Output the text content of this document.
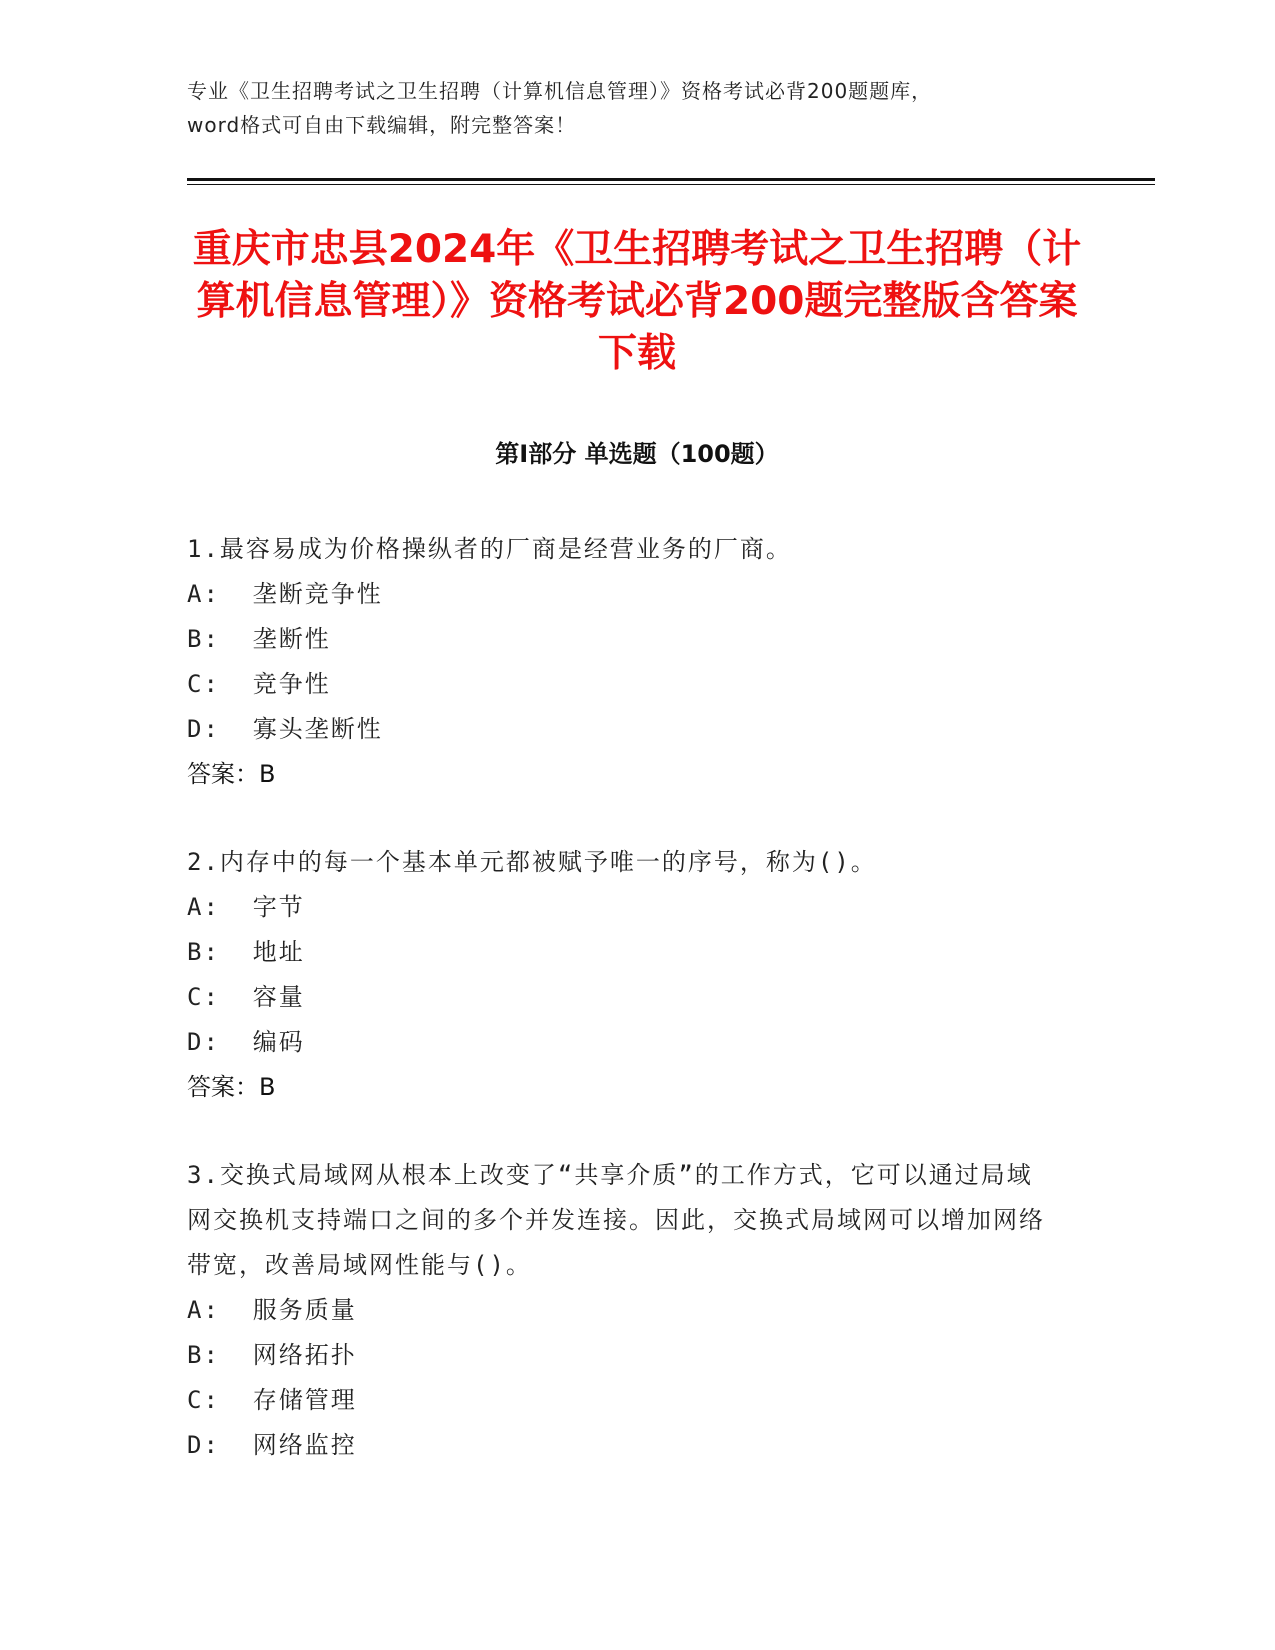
专业《卫生招聘考试之卫生招聘（计算机信息管理）》资格考试必背200题题库，
word格式可自由下载编辑，附完整答案！
重庆市忠县2024年《卫生招聘考试之卫生招聘（计算机信息管理）》资格考试必背200题完整版含答案下载
第I部分 单选题（100题）
1.最容易成为价格操纵者的厂商是经营业务的厂商。
A:  垄断竞争性
B:  垄断性
C:  竞争性
D:  寡头垄断性
答案：B
2.内存中的每一个基本单元都被赋予唯一的序号，称为()。
A:  字节
B:  地址
C:  容量
D:  编码
答案：B
3.交换式局域网从根本上改变了“共享介质”的工作方式，它可以通过局域网交换机支持端口之间的多个并发连接。因此，交换式局域网可以增加网络带宽，改善局域网性能与()。
A:  服务质量
B:  网络拓扑
C:  存储管理
D:  网络监控
